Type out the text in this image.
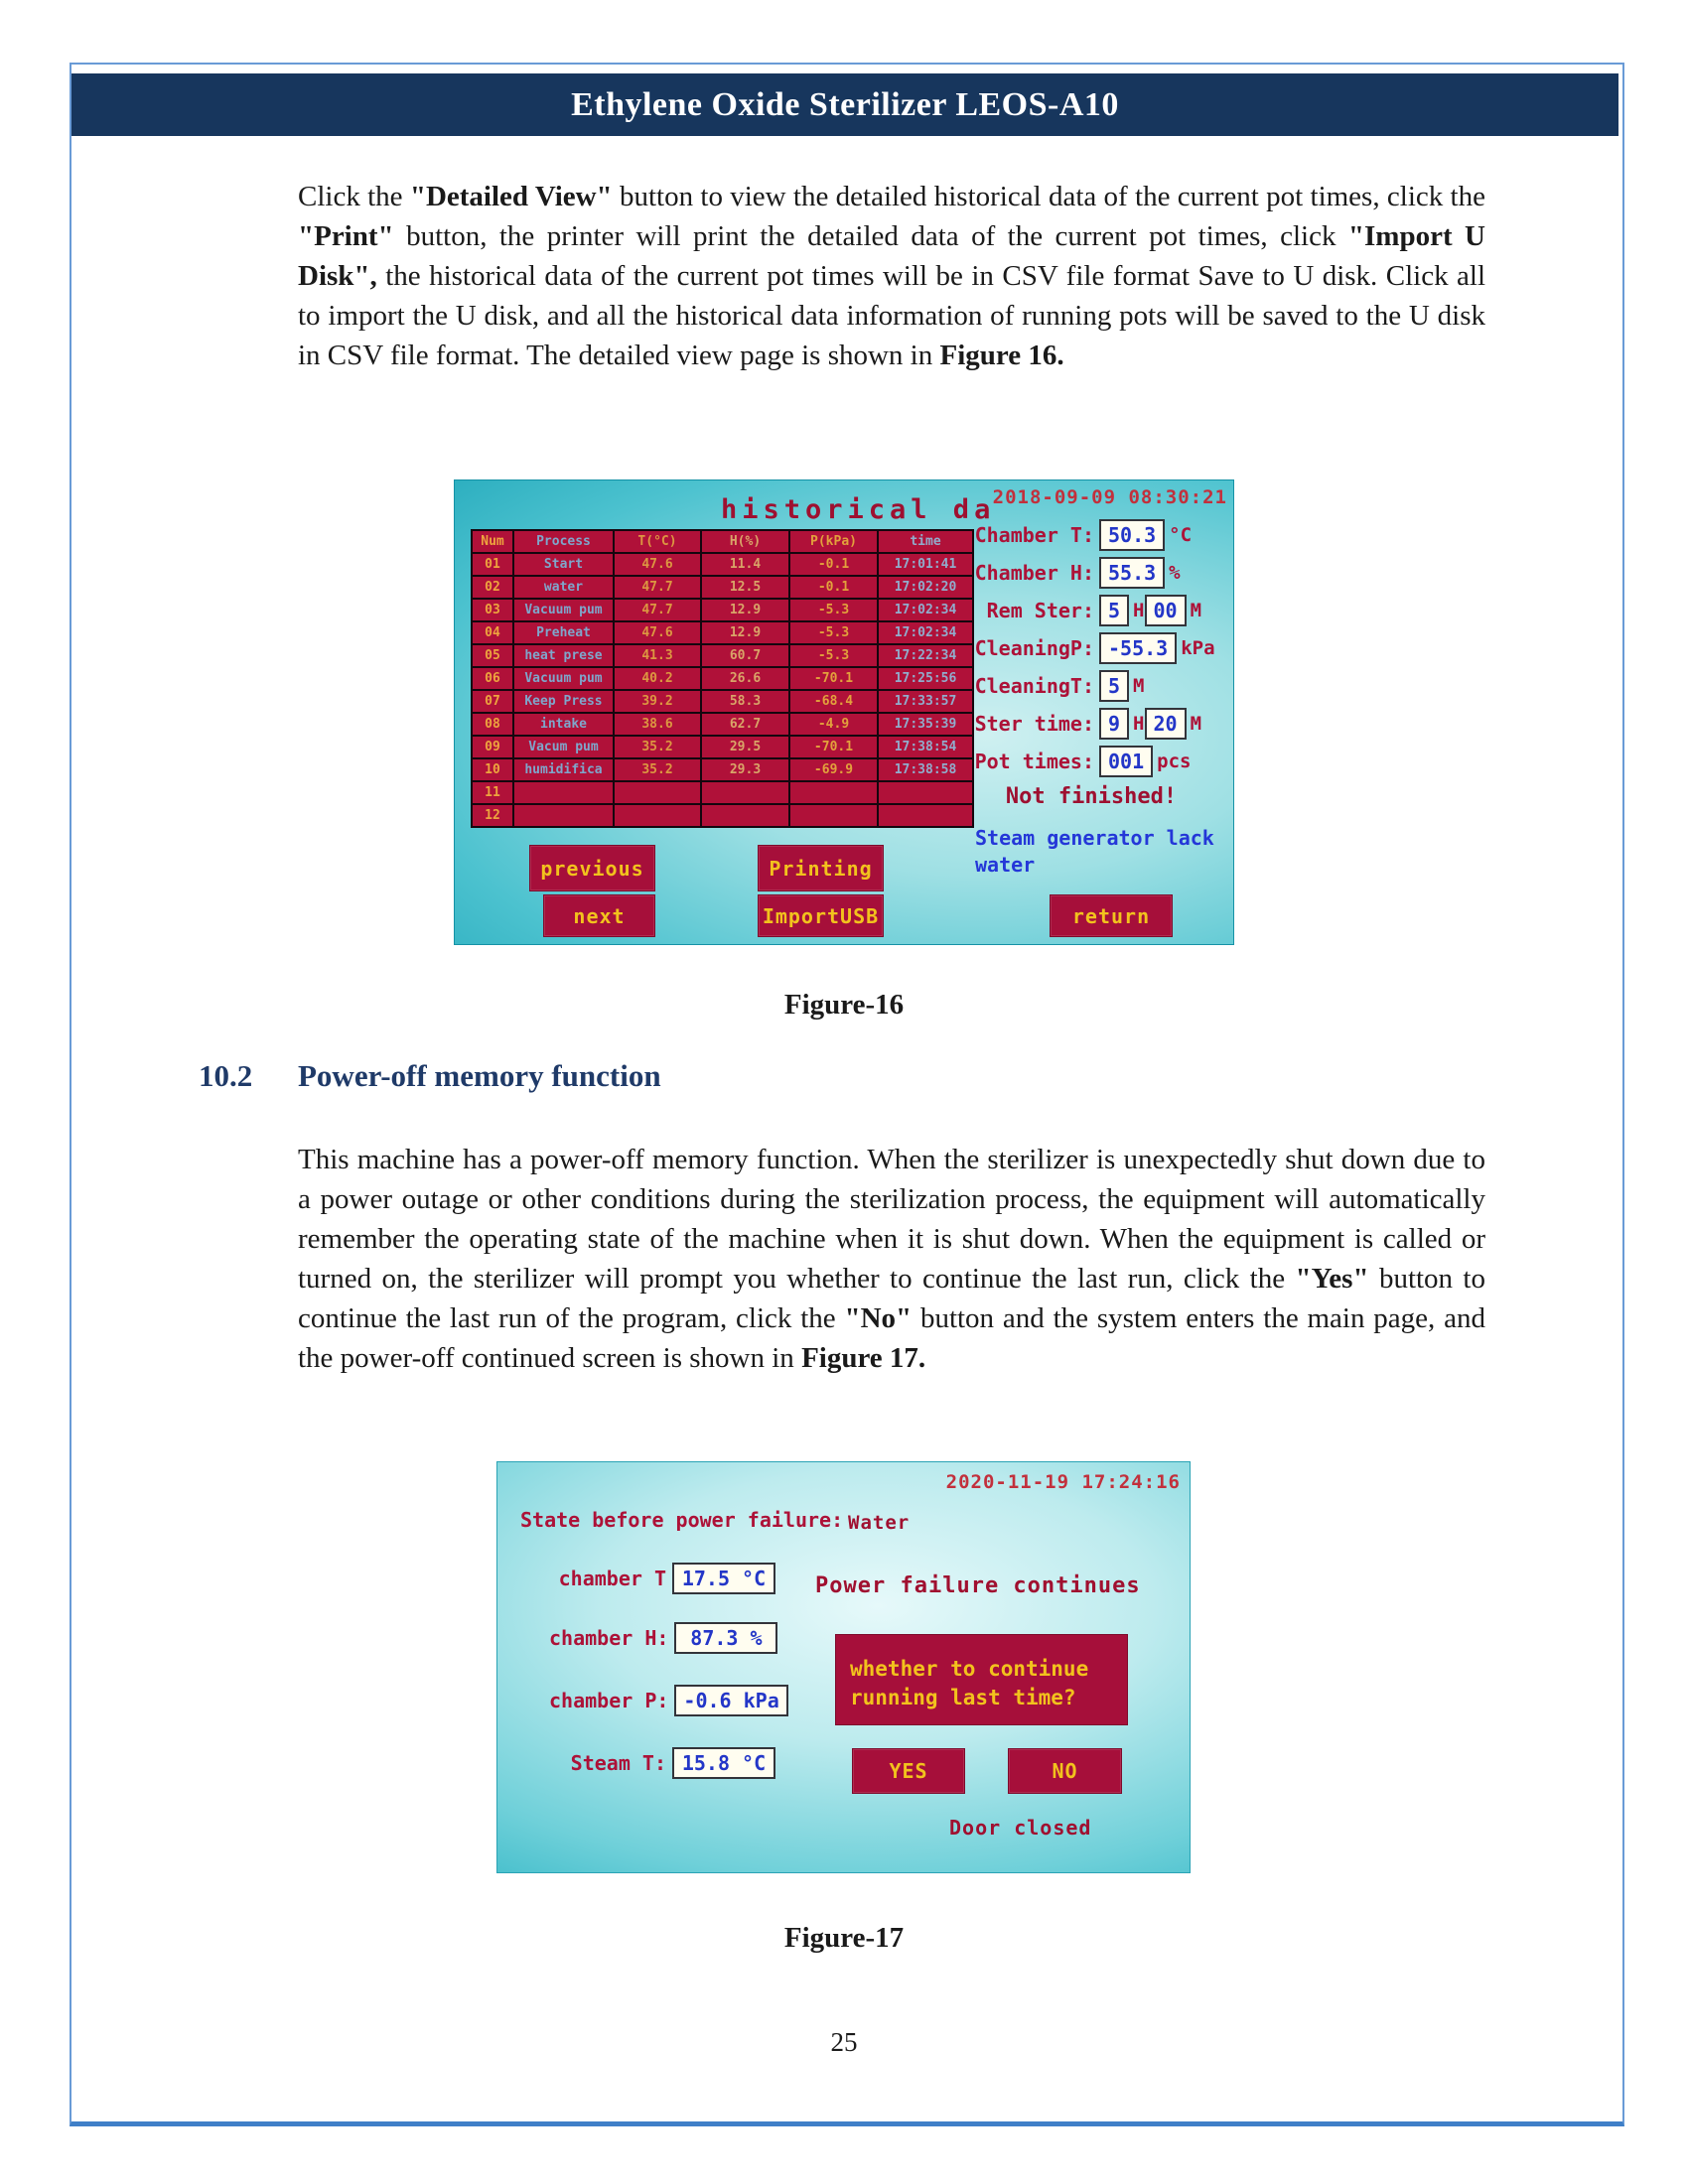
Ethylene Oxide Sterilizer LEOS-A10

Click the "Detailed View" button to view the detailed historical data of the current pot times, click the "Print" button, the printer will print the detailed data of the current pot times, click "Import U Disk", the historical data of the current pot times will be in CSV file format Save to U disk. Click all to import the U disk, and all the historical data information of running pots will be saved to the U disk in CSV file format. The detailed view page is shown in Figure 16.

historical da
2018-09-09 08:30:21
Num	Process	T(°C)	H(%)	P(kPa)	time
01	Start	47.6	11.4	-0.1	17:01:41
02	water	47.7	12.5	-0.1	17:02:20
03	Vacuum pum	47.7	12.9	-5.3	17:02:34
04	Preheat	47.6	12.9	-5.3	17:02:34
05	heat prese	41.3	60.7	-5.3	17:22:34
06	Vacuum pum	40.2	26.6	-70.1	17:25:56
07	Keep Press	39.2	58.3	-68.4	17:33:57
08	intake	38.6	62.7	-4.9	17:35:39
09	Vacum pum	35.2	29.5	-70.1	17:38:54
10	humidifica	35.2	29.3	-69.9	17:38:58
11					
12					
Chamber T: 50.3 °C
Chamber H: 55.3 %
Rem Ster: 5 H 00 M
CleaningP: -55.3 kPa
CleaningT: 5 M
Ster time: 9 H 20 M
Pot times: 001 pcs
Not finished!
Steam generator lack water
previous	Printing
next	ImportUSB	return
Figure-16
10.2 Power-off memory function

This machine has a power-off memory function. When the sterilizer is unexpectedly shut down due to a power outage or other conditions during the sterilization process, the equipment will automatically remember the operating state of the machine when it is shut down. When the equipment is called or turned on, the sterilizer will prompt you whether to continue the last run, click the "Yes" button to continue the last run of the program, click the "No" button and the system enters the main page, and the power-off continued screen is shown in Figure 17.

2020-11-19 17:24:16
State before power failure: Water
chamber T 17.5 °C
chamber H:	87.3 %
chamber P: -0.6 kPa
Steam T: 15.8 °C
Power failure continues
whether to continue
running last time?
YES	NO
Door closed
Figure-17
25
